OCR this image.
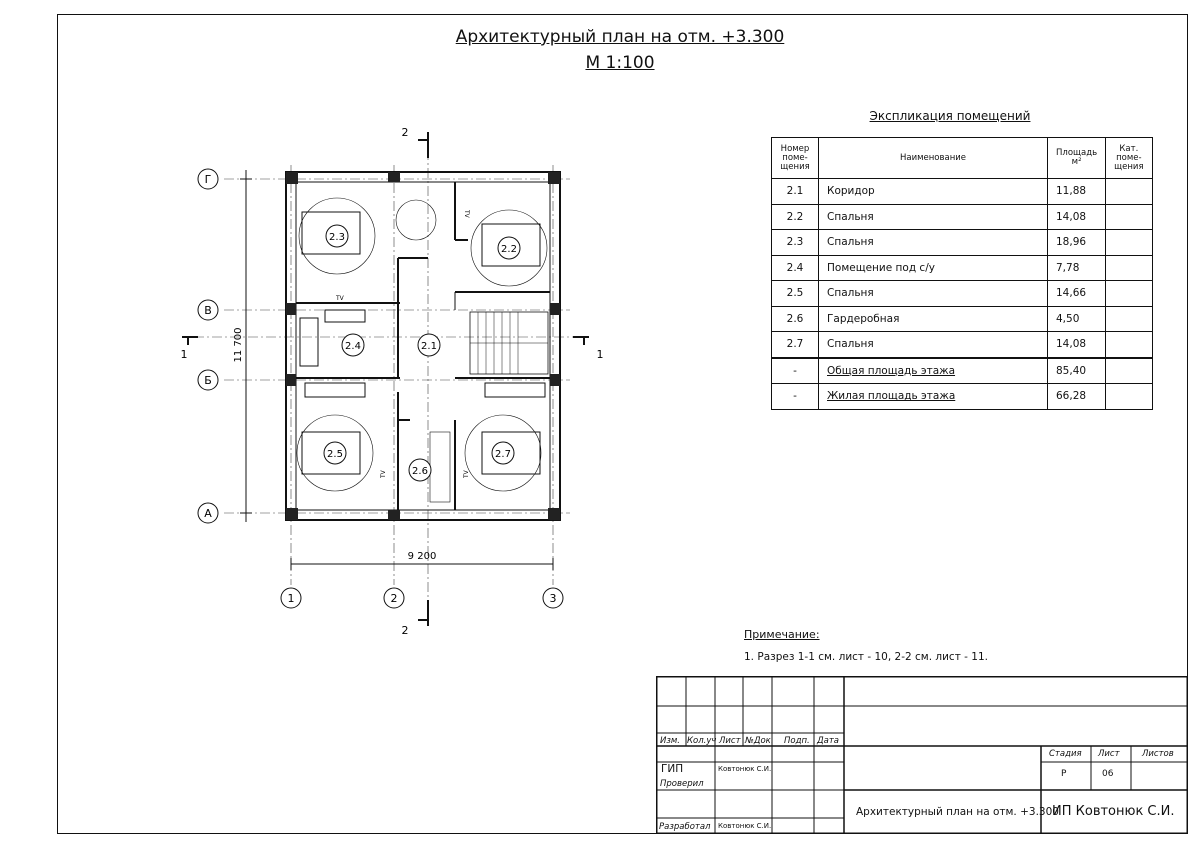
Архитектурный план на отм. +3.300
М 1:100
Г
В
Б
А
1	2	3
9 200
11 700
1	1
2
2
2.3
2.2
2.4	2.1
2.5
2.6
2.7
TV
TV
TV	TV
Экспликация помещений
Номер поме- щения	Наименование	Площадь м²	Кат. поме- щения
2.1	Коридор	11,88	
2.2	Спальня	14,08	
2.3	Спальня	18,96	
2.4	Помещение под с/у	7,78	
2.5	Спальня	14,66	
2.6	Гардеробная	4,50	
2.7	Спальня	14,08	
-	Общая площадь этажа	85,40	
-	Жилая площадь этажа	66,28	
Примечание:
1. Разрез 1-1 см. лист - 10, 2-2 см. лист - 11.
Изм. Кол.уч Лист №Док. Подп. Дата
ГИП	Ковтонюк С.И.
Проверил
Разработал Ковтонюк С.И.
Стадия Лист	Листов
Р	06
Архитектурный план на отм. +3.300
ИП Ковтонюк С.И.
